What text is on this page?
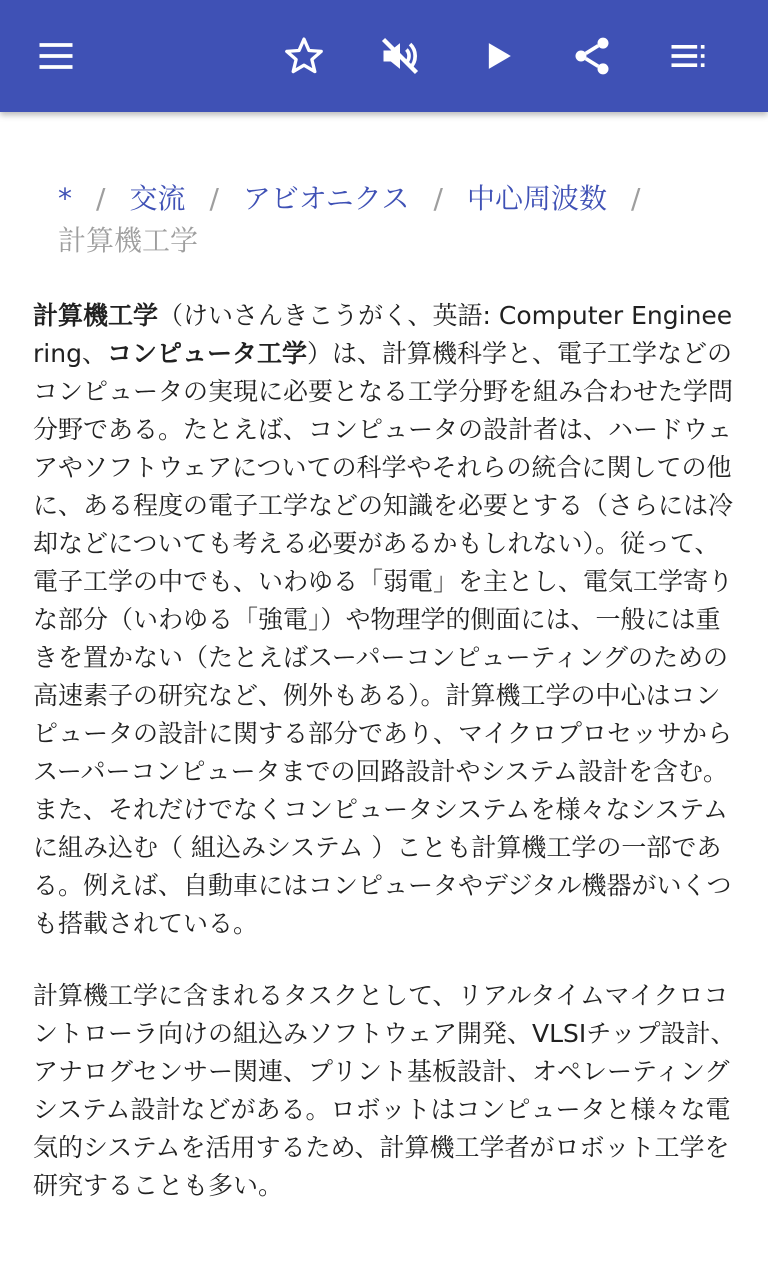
* / 交流 / アビオニクス / 中心周波数 /
計算機工学

計算機工学（けいさんきこうがく、英語: Computer Engineering、コンピュータ工学）は、計算機科学と、電子工学などのコンピュータの実現に必要となる工学分野を組み合わせた学問分野である。たとえば、コンピュータの設計者は、ハードウェアやソフトウェアについての科学やそれらの統合に関しての他に、ある程度の電子工学などの知識を必要とする（さらには冷却などについても考える必要があるかもしれない）。従って、電子工学の中でも、いわゆる「弱電」を主とし、電気工学寄りな部分（いわゆる「強電」）や物理学的側面には、一般には重きを置かない（たとえばスーパーコンピューティングのための高速素子の研究など、例外もある）。計算機工学の中心はコンピュータの設計に関する部分であり、マイクロプロセッサからスーパーコンピュータまでの回路設計やシステム設計を含む。また、それだけでなくコンピュータシステムを様々なシステムに組み込む（ 組込みシステム ）ことも計算機工学の一部である。例えば、自動車にはコンピュータやデジタル機器がいくつも搭載されている。

計算機工学に含まれるタスクとして、リアルタイムマイクロコントローラ向けの組込みソフトウェア開発、VLSIチップ設計、アナログセンサー関連、プリント基板設計、オペレーティングシステム設計などがある。ロボットはコンピュータと様々な電気的システムを活用するため、計算機工学者がロボット工学を研究することも多い。
